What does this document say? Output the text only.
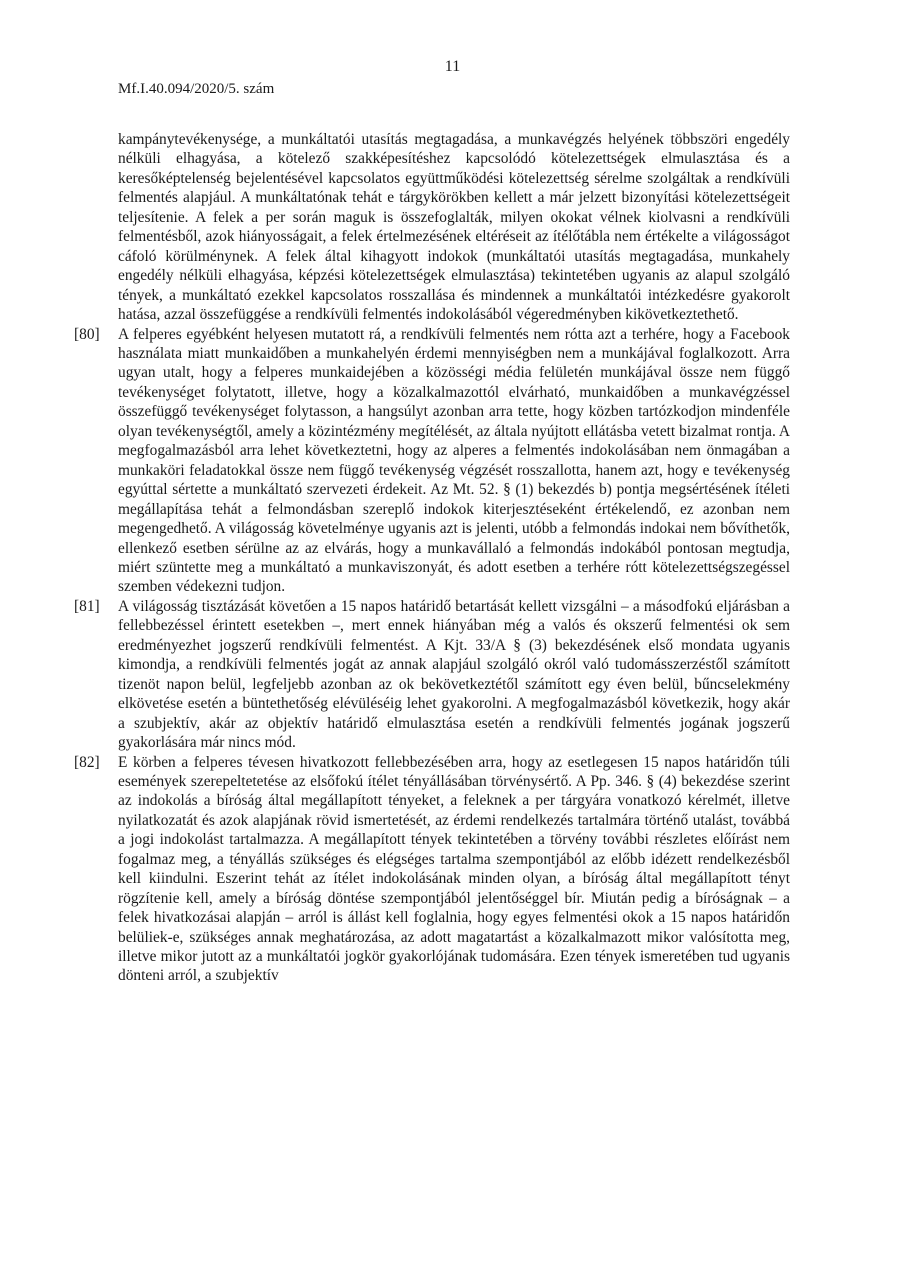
11
Mf.I.40.094/2020/5. szám

kampánytevékenysége, a munkáltatói utasítás megtagadása, a munkavégzés helyének többszöri engedély nélküli elhagyása, a kötelező szakképesítéshez kapcsolódó kötelezettségek elmulasztása és a keresőképtelenség bejelentésével kapcsolatos együttműködési kötelezettség sérelme szolgáltak a rendkívüli felmentés alapjául. A munkáltatónak tehát e tárgykörökben kellett a már jelzett bizonyítási kötelezettségeit teljesítenie. A felek a per során maguk is összefoglalták, milyen okokat vélnek kiolvasni a rendkívüli felmentésből, azok hiányosságait, a felek értelmezésének eltéréseit az ítélőtábla nem értékelte a világosságot cáfoló körülménynek. A felek által kihagyott indokok (munkáltatói utasítás megtagadása, munkahely engedély nélküli elhagyása, képzési kötelezettségek elmulasztása) tekintetében ugyanis az alapul szolgáló tények, a munkáltató ezekkel kapcsolatos rosszallása és mindennek a munkáltatói intézkedésre gyakorolt hatása, azzal összefüggése a rendkívüli felmentés indokolásából végeredményben kikövetkeztethető.

[80] A felperes egyébként helyesen mutatott rá, a rendkívüli felmentés nem rótta azt a terhére, hogy a Facebook használata miatt munkaidőben a munkahelyén érdemi mennyiségben nem a munkájával foglalkozott. Arra ugyan utalt, hogy a felperes munkaidejében a közösségi média felületén munkájával össze nem függő tevékenységet folytatott, illetve, hogy a közalkalmazottól elvárható, munkaidőben a munkavégzéssel összefüggő tevékenységet folytasson, a hangsúlyt azonban arra tette, hogy közben tartózkodjon mindenféle olyan tevékenységtől, amely a közintézmény megítélését, az általa nyújtott ellátásba vetett bizalmat rontja. A megfogalmazásból arra lehet következtetni, hogy az alperes a felmentés indokolásában nem önmagában a munkaköri feladatokkal össze nem függő tevékenység végzését rosszallotta, hanem azt, hogy e tevékenység egyúttal sértette a munkáltató szervezeti érdekeit. Az Mt. 52. § (1) bekezdés b) pontja megsértésének ítéleti megállapítása tehát a felmondásban szereplő indokok kiterjesztéseként értékelendő, ez azonban nem megengedhető. A világosság követelménye ugyanis azt is jelenti, utóbb a felmondás indokai nem bővíthetők, ellenkező esetben sérülne az az elvárás, hogy a munkavállaló a felmondás indokából pontosan megtudja, miért szüntette meg a munkáltató a munkaviszonyát, és adott esetben a terhére rótt kötelezettségszegéssel szemben védekezni tudjon.

[81] A világosság tisztázását követően a 15 napos határidő betartását kellett vizsgálni – a másodfokú eljárásban a fellebbezéssel érintett esetekben –, mert ennek hiányában még a valós és okszerű felmentési ok sem eredményezhet jogszerű rendkívüli felmentést. A Kjt. 33/A § (3) bekezdésének első mondata ugyanis kimondja, a rendkívüli felmentés jogát az annak alapjául szolgáló okról való tudomásszerzéstől számított tizenöt napon belül, legfeljebb azonban az ok bekövetkeztétől számított egy éven belül, bűncselekmény elkövetése esetén a büntethetőség elévüléséig lehet gyakorolni. A megfogalmazásból következik, hogy akár a szubjektív, akár az objektív határidő elmulasztása esetén a rendkívüli felmentés jogának jogszerű gyakorlására már nincs mód.

[82] E körben a felperes tévesen hivatkozott fellebbezésében arra, hogy az esetlegesen 15 napos határidőn túli események szerepeltetetése az elsőfokú ítélet tényállásában törvénysértő. A Pp. 346. § (4) bekezdése szerint az indokolás a bíróság által megállapított tényeket, a feleknek a per tárgyára vonatkozó kérelmét, illetve nyilatkozatát és azok alapjának rövid ismertetését, az érdemi rendelkezés tartalmára történő utalást, továbbá a jogi indokolást tartalmazza. A megállapított tények tekintetében a törvény további részletes előírást nem fogalmaz meg, a tényállás szükséges és elégséges tartalma szempontjából az előbb idézett rendelkezésből kell kiindulni. Eszerint tehát az ítélet indokolásának minden olyan, a bíróság által megállapított tényt rögzítenie kell, amely a bíróság döntése szempontjából jelentőséggel bír. Miután pedig a bíróságnak – a felek hivatkozásai alapján – arról is állást kell foglalnia, hogy egyes felmentési okok a 15 napos határidőn belüliek-e, szükséges annak meghatározása, az adott magatartást a közalkalmazott mikor valósította meg, illetve mikor jutott az a munkáltatói jogkör gyakorlójának tudomására. Ezen tények ismeretében tud ugyanis dönteni arról, a szubjektív
